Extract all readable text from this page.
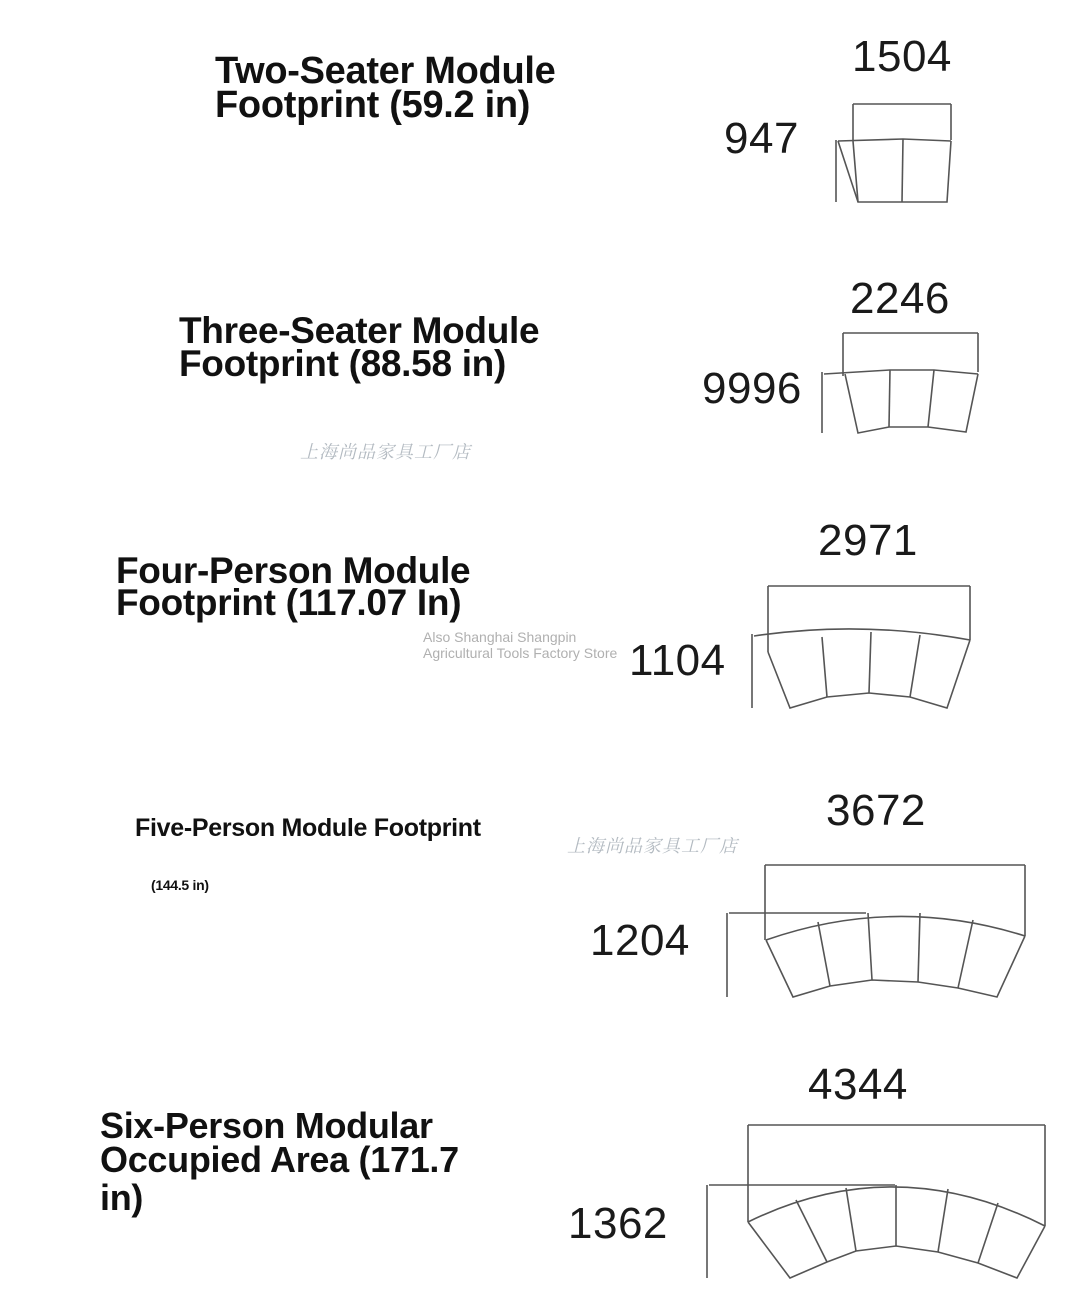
Two-Seater Module
Footprint (59.2 in)
1504
947
Three-Seater Module
Footprint (88.58 in)
2246
9996
上海尚品家具工厂店
Four-Person Module
Footprint (117.07 In)
Also Shanghai Shangpin
Agricultural Tools Factory Store
2971
1104
Five-Person Module Footprint
(144.5 in)
上海尚品家具工厂店
3672
1204
Six-Person Modular
Occupied Area (171.7
in)
4344
1362
